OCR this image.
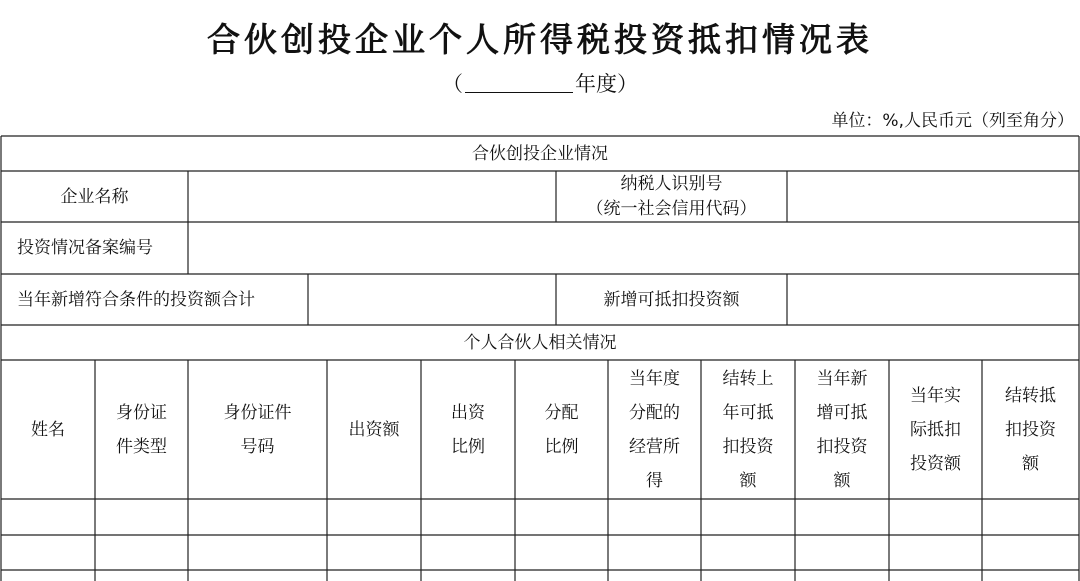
合伙创投企业个人所得税投资抵扣情况表
（	年度）
单位：%,人民币元（列至角分）
合伙创投企业情况
企业名称
纳税人识别号
（统一社会信用代码）
投资情况备案编号
当年新增符合条件的投资额合计	新增可抵扣投资额
个人合伙人相关情况
姓名
身份证
件类型
身份证件
号码
出资额
出资
比例
分配
比例
当年度
分配的
经营所
得
结转上
年可抵
扣投资
额
当年新
增可抵
扣投资
额
当年实
际抵扣
投资额
结转抵
扣投资
额
